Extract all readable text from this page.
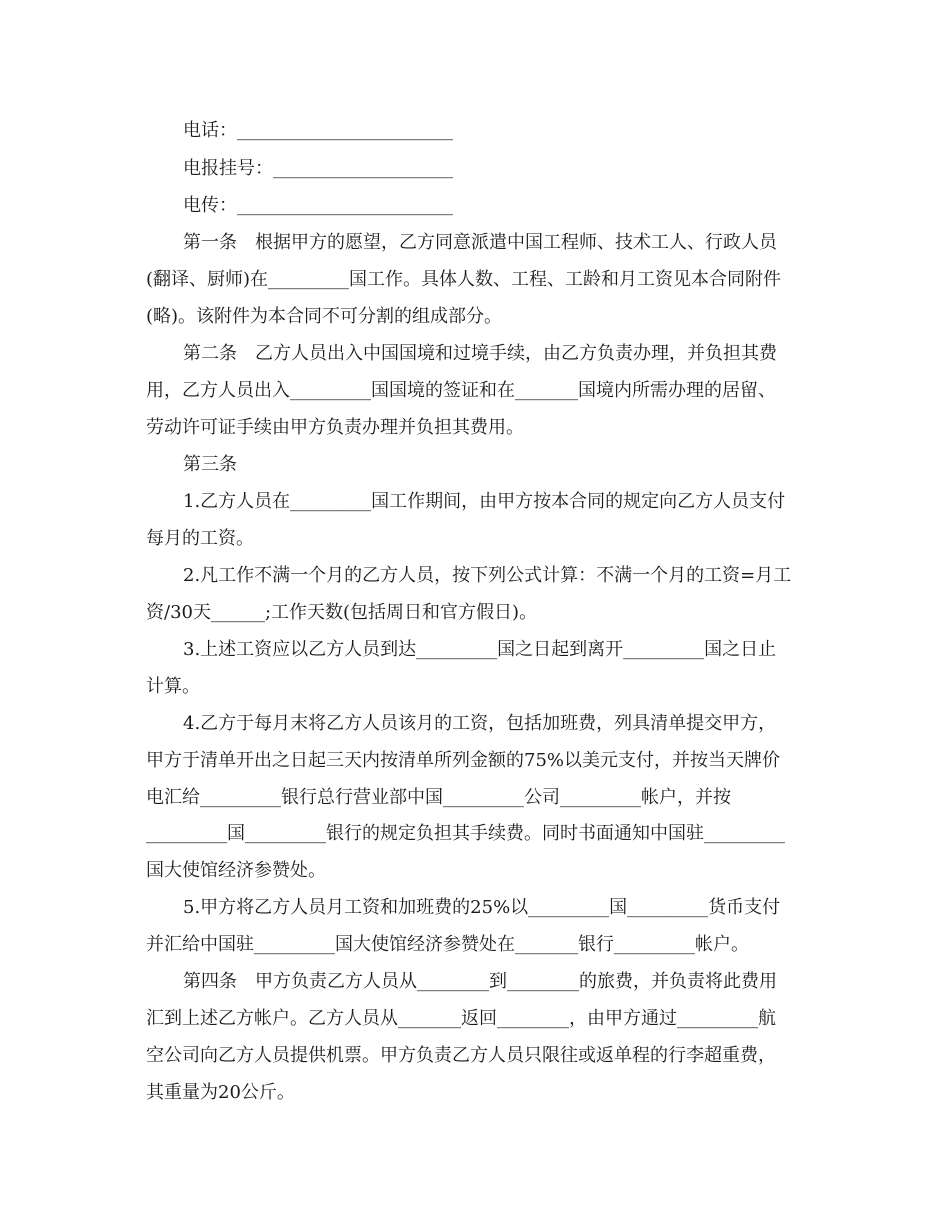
电话：________________________
电报挂号：____________________
电传：________________________
第一条　根据甲方的愿望，乙方同意派遣中国工程师、技术工人、行政人员
(翻译、厨师)在_________国工作。具体人数、工程、工龄和月工资见本合同附件
(略)。该附件为本合同不可分割的组成部分。
第二条　乙方人员出入中国国境和过境手续，由乙方负责办理，并负担其费
用，乙方人员出入_________国国境的签证和在_______国境内所需办理的居留、
劳动许可证手续由甲方负责办理并负担其费用。
第三条
1.乙方人员在_________国工作期间，由甲方按本合同的规定向乙方人员支付
每月的工资。
2.凡工作不满一个月的乙方人员，按下列公式计算：不满一个月的工资=月工
资/30天______;工作天数(包括周日和官方假日)。
3.上述工资应以乙方人员到达_________国之日起到离开_________国之日止
计算。
4.乙方于每月末将乙方人员该月的工资，包括加班费，列具清单提交甲方，
甲方于清单开出之日起三天内按清单所列金额的75%以美元支付，并按当天牌价
电汇给_________银行总行营业部中国_________公司_________帐户，并按
_________国_________银行的规定负担其手续费。同时书面通知中国驻_________
国大使馆经济参赞处。
5.甲方将乙方人员月工资和加班费的25%以_________国_________货币支付
并汇给中国驻_________国大使馆经济参赞处在_______银行_________帐户。
第四条　甲方负责乙方人员从________到________的旅费，并负责将此费用
汇到上述乙方帐户。乙方人员从_______返回________，由甲方通过_________航
空公司向乙方人员提供机票。甲方负责乙方人员只限往或返单程的行李超重费，
其重量为20公斤。
